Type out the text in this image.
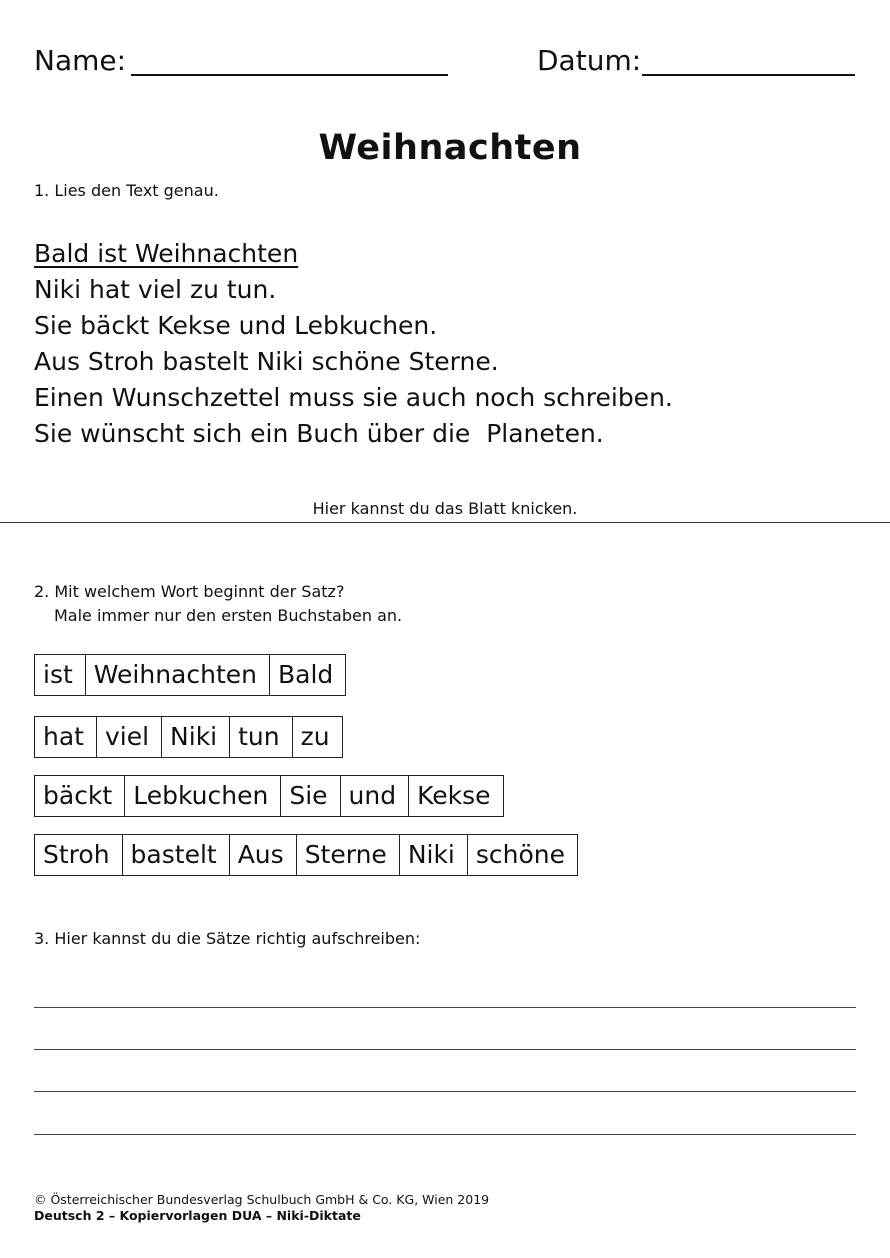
Name:	Datum:
Weihnachten
1. Lies den Text genau.
Bald ist Weihnachten
Niki hat viel zu tun.
Sie bäckt Kekse und Lebkuchen.
Aus Stroh bastelt Niki schöne Sterne.
Einen Wunschzettel muss sie auch noch schreiben.
Sie wünscht sich ein Buch über die  Planeten.
Hier kannst du das Blatt knicken.
2. Mit welchem Wort beginnt der Satz?
Male immer nur den ersten Buchstaben an.
ist Weihnachten Bald
hat viel Niki tun zu
bäckt Lebkuchen Sie und Kekse
Stroh bastelt Aus Sterne Niki schöne
3. Hier kannst du die Sätze richtig aufschreiben:
© Österreichischer Bundesverlag Schulbuch GmbH & Co. KG, Wien 2019
Deutsch 2 – Kopiervorlagen DUA – Niki-Diktate
